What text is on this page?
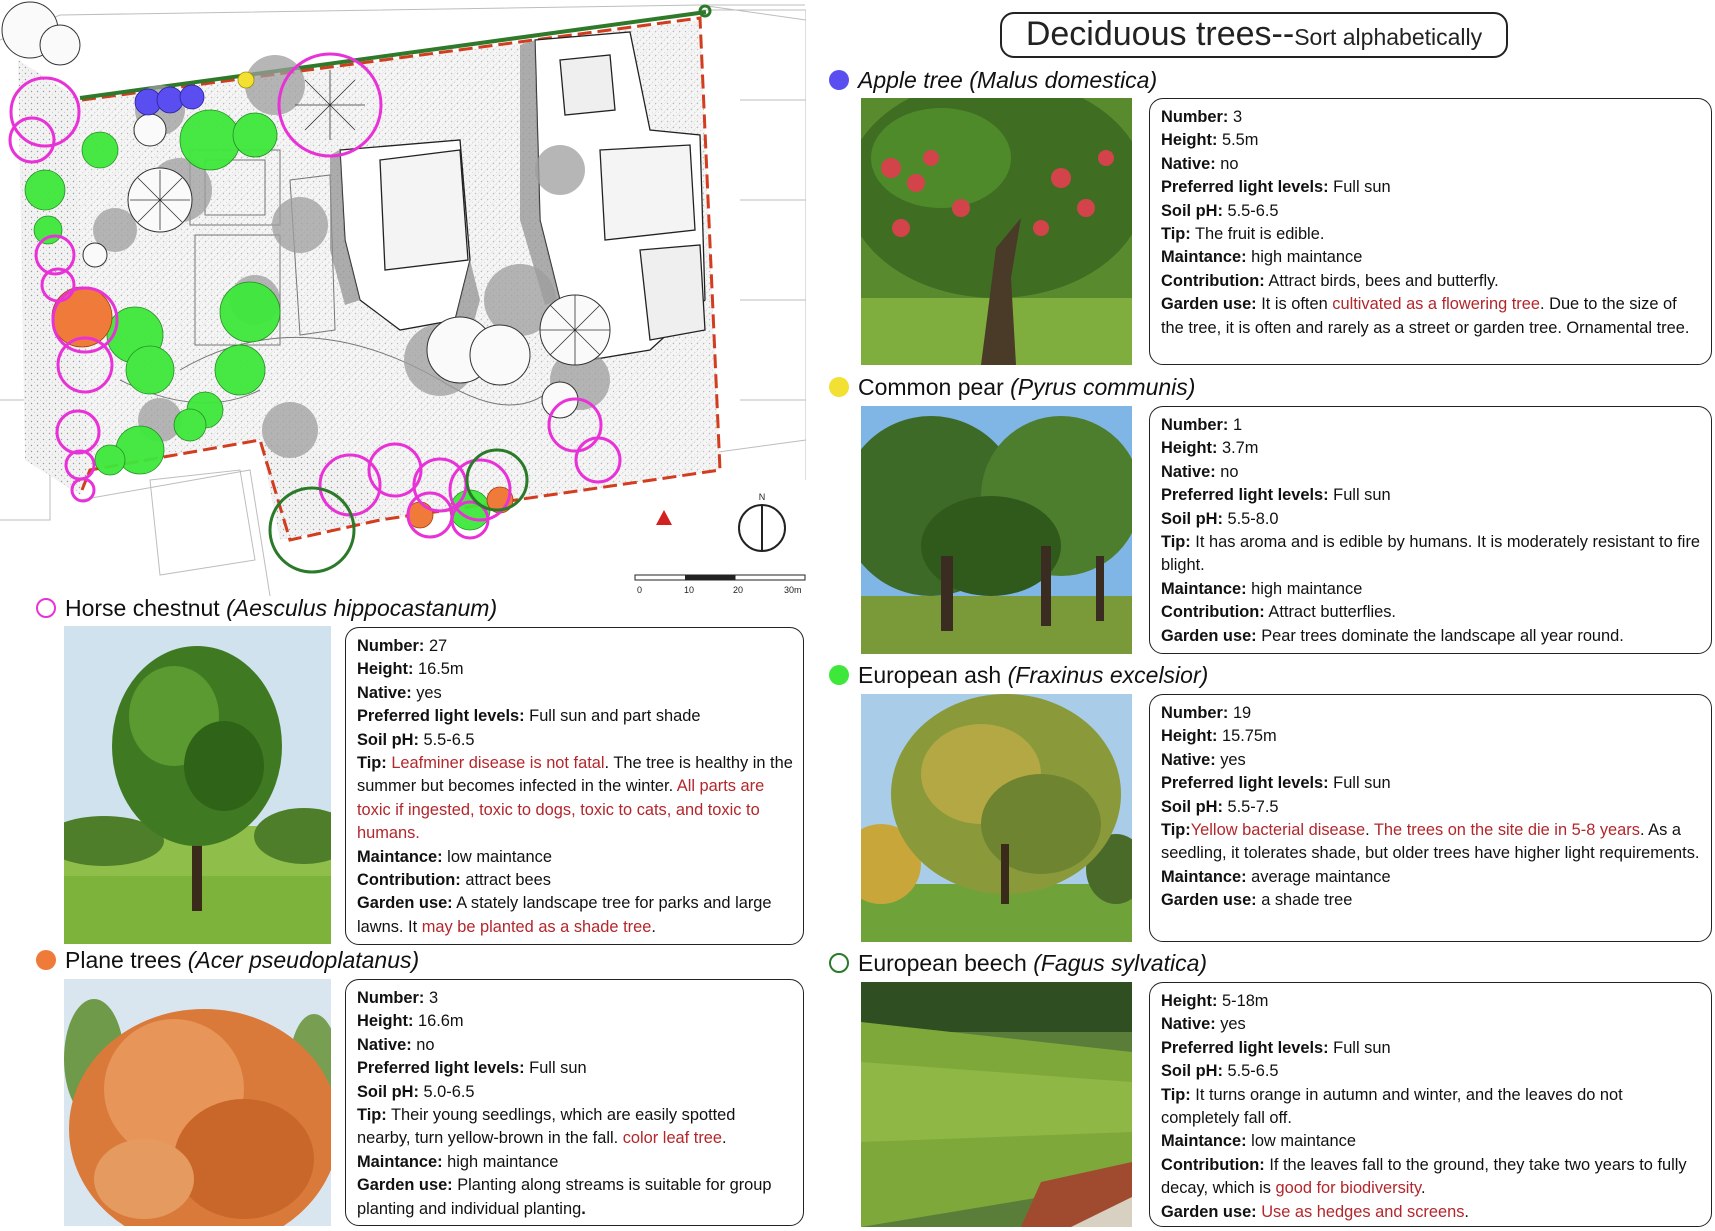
N
0	10	20	30m
Deciduous trees--Sort alphabetically
Horse chestnut (Aesculus hippocastanum)
Number: 27
Height: 16.5m
Native: yes
Preferred light levels: Full sun and part shade
Soil pH: 5.5-6.5
Tip: Leafminer disease is not fatal. The tree is healthy in the summer but becomes infected in the winter. All parts are toxic if ingested, toxic to dogs, toxic to cats, and toxic to humans.
Maintance: low maintance
Contribution: attract bees
Garden use: A stately landscape tree for parks and large lawns. It may be planted as a shade tree.
Plane trees (Acer pseudoplatanus)
Number: 3
Height: 16.6m
Native: no
Preferred light levels: Full sun
Soil pH: 5.0-6.5
Tip: Their young seedlings, which are easily spotted nearby, turn yellow-brown in the fall. color leaf tree.
Maintance: high maintance
Garden use: Planting along streams is suitable for group planting and individual planting.
Apple tree (Malus domestica)
Number: 3
Height: 5.5m
Native: no
Preferred light levels: Full sun
Soil pH: 5.5-6.5
Tip: The fruit is edible.
Maintance: high maintance
Contribution: Attract birds, bees and butterfly.
Garden use: It is often cultivated as a flowering tree. Due to the size of the tree, it is often and rarely as a street or garden tree. Ornamental tree.
Common pear (Pyrus communis)
Number: 1
Height: 3.7m
Native: no
Preferred light levels: Full sun
Soil pH: 5.5-8.0
Tip: It has aroma and is edible by humans. It is moderately resistant to fire blight.
Maintance: high maintance
Contribution: Attract butterflies.
Garden use: Pear trees dominate the landscape all year round.
European ash (Fraxinus excelsior)
Number: 19
Height: 15.75m
Native: yes
Preferred light levels: Full sun
Soil pH: 5.5-7.5
Tip:Yellow bacterial disease. The trees on the site die in 5-8 years. As a seedling, it tolerates shade, but older trees have higher light requirements.
Maintance: average maintance
Garden use: a shade tree
European beech (Fagus sylvatica)
Height: 5-18m
Native: yes
Preferred light levels: Full sun
Soil pH: 5.5-6.5
Tip: It turns orange in autumn and winter, and the leaves do not completely fall off.
Maintance: low maintance
Contribution: If the leaves fall to the ground, they take two years to fully decay, which is good for biodiversity.
Garden use: Use as hedges and screens.
